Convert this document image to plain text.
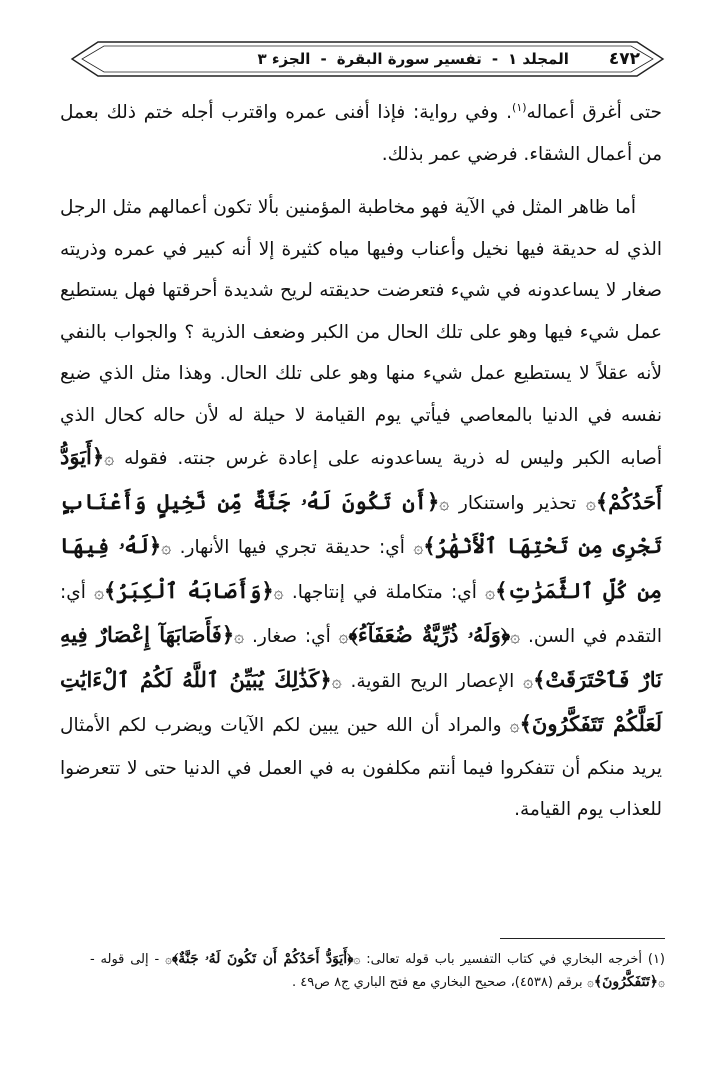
٤٧٢
المجلد ١
-
تفسير سورة البقرة
-
الجزء ٣

حتى أغرق أعماله$^{(١)}$. وفي رواية: فإذا أفنى عمره واقترب أجله ختم ذلك بعمل من أعمال الشقاء. فرضي عمر بذلك.

أما ظاهر المثل في الآية فهو مخاطبة المؤمنين بألا تكون أعمالهم مثل الرجل الذي له حديقة فيها نخيل وأعناب وفيها مياه كثيرة إلا أنه كبير في عمره وذريته صغار لا يساعدونه في شيء فتعرضت حديقته لريح شديدة أحرقتها فهل يستطيع عمل شيء فيها وهو على تلك الحال من الكبر وضعف الذرية ؟ والجواب بالنفي لأنه عقلاً لا يستطيع عمل شيء منها وهو على تلك الحال. وهذا مثل الذي ضيع نفسه في الدنيا بالمعاصي فيأتي يوم القيامة لا حيلة له لأن حاله كحال الذي أصابه الكبر وليس له ذرية يساعدونه على إعادة غرس جنته. فقوله ۞﴿أَيَوَدُّ أَحَدُكُمْ﴾۞ تحذير واستنكار ۞﴿أَن تَكُونَ لَهُۥ جَنَّةٌ مِّن نَّخِيلٍ وَأَعْنَابٍ تَجْرِى مِن تَحْتِهَا ٱلْأَنْهَٰرُ﴾۞ أي: حديقة تجري فيها الأنهار. ۞﴿لَهُۥ فِيهَا مِن كُلِّ ٱلثَّمَرَٰتِ﴾۞ أي: متكاملة في إنتاجها. ۞﴿وَأَصَابَهُ ٱلْكِبَرُ﴾۞ أي: التقدم في السن. ۞﴿وَلَهُۥ ذُرِّيَّةٌ ضُعَفَآءُ﴾۞ أي: صغار. ۞﴿فَأَصَابَهَآ إِعْصَارٌ فِيهِ نَارٌ فَٱحْتَرَقَتْ﴾۞ الإعصار الريح القوية. ۞﴿كَذَٰلِكَ يُبَيِّنُ ٱللَّهُ لَكُمُ ٱلْءَايَٰتِ لَعَلَّكُمْ تَتَفَكَّرُونَ﴾۞ والمراد أن الله حين يبين لكم الآيات ويضرب لكم الأمثال يريد منكم أن تتفكروا فيما أنتم مكلفون به في العمل في الدنيا حتى لا تتعرضوا للعذاب يوم القيامة.

(١) أخرجه البخاري في كتاب التفسير باب قوله تعالى: ۞﴿أَيَوَدُّ أَحَدُكُمْ أَن تَكُونَ لَهُۥ جَنَّةٌ﴾۞ - إلى قوله - ۞﴿تَتَفَكَّرُونَ﴾۞ برقم (٤٥٣٨)، صحيح البخاري مع فتح الباري ج٨ ص٤٩ .
